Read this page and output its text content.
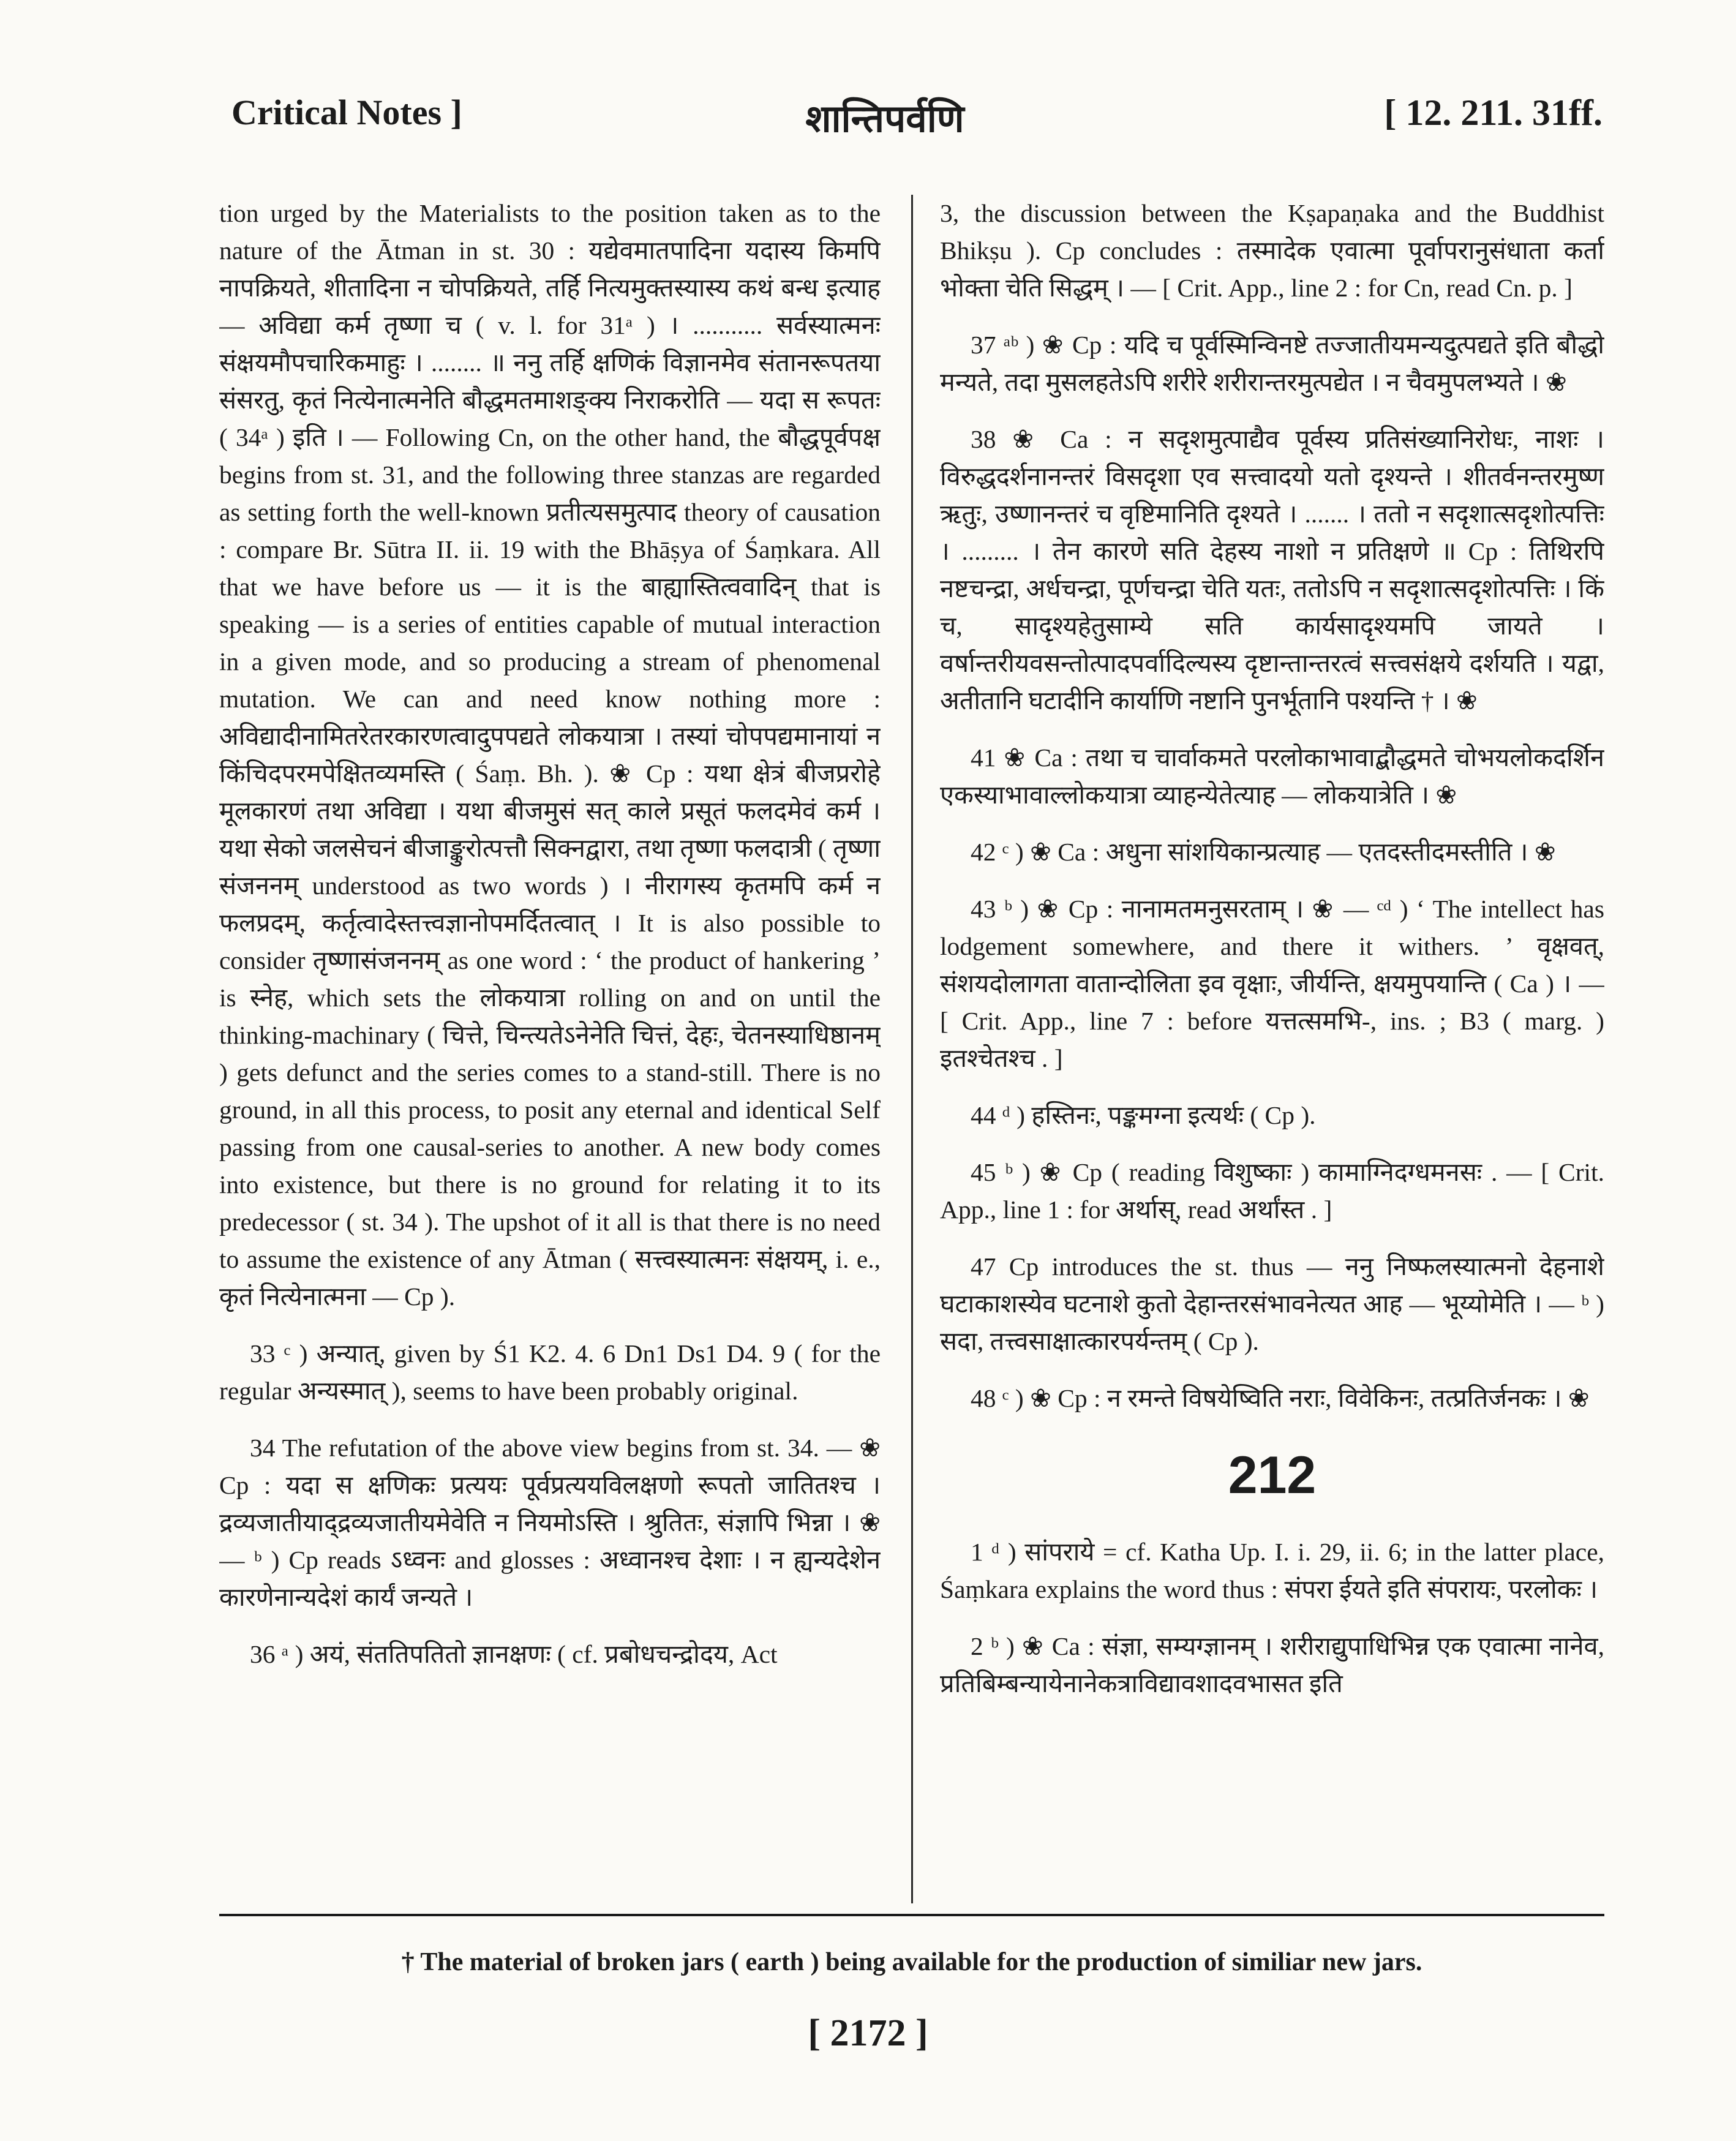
Critical Notes ]	शान्तिपर्वणि	[ 12. 211. 31ff.

tion urged by the Materialists to the position taken as to the nature of the Ātman in st. 30 : यद्येवमातपादिना यदास्य किमपि नापक्रियते, शीतादिना न चोपक्रियते, तर्हि नित्यमुक्तस्यास्य कथं बन्ध इत्याह — अविद्या कर्म तृष्णा च ( v. l. for 31ᵃ ) । ........... सर्वस्यात्मनः संक्षयमौपचारिकमाहुः । ........ ॥ ननु तर्हि क्षणिकं विज्ञानमेव संतानरूपतया संसरतु, कृतं नित्येनात्मनेति बौद्धमतमाशङ्क्य निराकरोति — यदा स रूपतः ( 34ᵃ ) इति । — Following Cn, on the other hand, the बौद्धपूर्वपक्ष begins from st. 31, and the following three stanzas are regarded as setting forth the well-known प्रतीत्यसमुत्पाद theory of causation : compare Br. Sūtra II. ii. 19 with the Bhāṣya of Śaṃkara. All that we have before us — it is the बाह्यास्तित्ववादिन् that is speaking — is a series of entities capable of mutual interaction in a given mode, and so producing a stream of phenomenal mutation. We can and need know nothing more : अविद्यादीनामितरेतरकारणत्वादुपपद्यते लोकयात्रा । तस्यां चोपपद्यमानायां न किंचिदपरमपेक्षितव्यमस्ति ( Śaṃ. Bh. ). ❀ Cp : यथा क्षेत्रं बीजप्ररोहे मूलकारणं तथा अविद्या । यथा बीजमुसं सत् काले प्रसूतं फलदमेवं कर्म । यथा सेको जलसेचनं बीजाङ्कुरोत्पत्तौ सिक्नद्वारा, तथा तृष्णा फलदात्री ( तृष्णा संजननम् understood as two words ) । नीरागस्य कृतमपि कर्म न फलप्रदम्, कर्तृत्वादेस्तत्त्वज्ञानोपमर्दितत्वात् । It is also possible to consider तृष्णासंजननम् as one word : ‘ the product of hankering ’ is स्नेह, which sets the लोकयात्रा rolling on and on until the thinking-machinary ( चित्ते, चिन्त्यतेऽनेनेति चित्तं, देहः, चेतनस्याधिष्ठानम् ) gets defunct and the series comes to a stand-still. There is no ground, in all this process, to posit any eternal and identical Self passing from one causal-series to another. A new body comes into existence, but there is no ground for relating it to its predecessor ( st. 34 ). The upshot of it all is that there is no need to assume the existence of any Ātman ( सत्त्वस्यात्मनः संक्षयम्, i. e., कृतं नित्येनात्मना — Cp ).

33 ᶜ ) अन्यात्, given by Ś1 K2. 4. 6 Dn1 Ds1 D4. 9 ( for the regular अन्यस्मात् ), seems to have been probably original.

34 The refutation of the above view begins from st. 34. — ❀ Cp : यदा स क्षणिकः प्रत्ययः पूर्वप्रत्ययविलक्षणो रूपतो जातितश्च । द्रव्यजातीयाद्द्रव्यजातीयमेवेति न नियमोऽस्ति । श्रुतितः, संज्ञापि भिन्ना । ❀ — ᵇ ) Cp reads ऽध्वनः and glosses : अध्वानश्च देशाः । न ह्यन्यदेशेन कारणेनान्यदेशं कार्यं जन्यते ।

36 ᵃ ) अयं, संततिपतितो ज्ञानक्षणः ( cf. प्रबोधचन्द्रोदय, Act

3, the discussion between the Kṣapaṇaka and the Buddhist Bhikṣu ). Cp concludes : तस्मादेक एवात्मा पूर्वापरानुसंधाता कर्ता भोक्ता चेति सिद्धम् । — [ Crit. App., line 2 : for Cn, read Cn. p. ]

37 ᵃᵇ ) ❀ Cp : यदि च पूर्वस्मिन्विनष्टे तज्जातीयमन्यदुत्पद्यते इति बौद्धो मन्यते, तदा मुसलहतेऽपि शरीरे शरीरान्तरमुत्पद्येत । न चैवमुपलभ्यते । ❀

38 ❀ Ca : न सदृशमुत्पाद्यैव पूर्वस्य प्रतिसंख्यानिरोधः, नाशः । विरुद्धदर्शनानन्तरं विसदृशा एव सत्त्वादयो यतो दृश्यन्ते । शीतर्वनन्तरमुष्ण ऋतुः, उष्णानन्तरं च वृष्टिमानिति दृश्यते । ....... । ततो न सदृशात्सदृशोत्पत्तिः । ......... । तेन कारणे सति देहस्य नाशो न प्रतिक्षणे ॥ Cp : तिथिरपि नष्टचन्द्रा, अर्धचन्द्रा, पूर्णचन्द्रा चेति यतः, ततोऽपि न सदृशात्सदृशोत्पत्तिः । किं च, सादृश्यहेतुसाम्ये सति कार्यसादृश्यमपि जायते । वर्षान्तरीयवसन्तोत्पादपर्वादिल्यस्य दृष्टान्तान्तरत्वं सत्त्वसंक्षये दर्शयति । यद्वा, अतीतानि घटादीनि कार्याणि नष्टानि पुनर्भूतानि पश्यन्ति † । ❀

41 ❀ Ca : तथा च चार्वाकमते परलोकाभावाद्बौद्धमते चोभयलोकदर्शिन एकस्याभावाल्लोकयात्रा व्याहन्येतेत्याह — लोकयात्रेति । ❀

42 ᶜ ) ❀ Ca : अधुना सांशयिकान्प्रत्याह — एतदस्तीदमस्तीति । ❀

43 ᵇ ) ❀ Cp : नानामतमनुसरताम् । ❀ — ᶜᵈ ) ‘ The intellect has lodgement somewhere, and there it withers. ’ वृक्षवत्, संशयदोलागता वातान्दोलिता इव वृक्षाः, जीर्यन्ति, क्षयमुपयान्ति ( Ca ) । — [ Crit. App., line 7 : before यत्तत्समभि-, ins. ; B3 ( marg. ) इतश्चेतश्च . ]

44 ᵈ ) हस्तिनः, पङ्कमग्ना इत्यर्थः ( Cp ).

45 ᵇ ) ❀ Cp ( reading विशुष्काः ) कामाग्निदग्धमनसः . — [ Crit. App., line 1 : for अर्थास्, read अर्थांस्त . ]

47 Cp introduces the st. thus — ननु निष्फलस्यात्मनो देहनाशे घटाकाशस्येव घटनाशे कुतो देहान्तरसंभावनेत्यत आह — भूय्योमेति । — ᵇ ) सदा, तत्त्वसाक्षात्कारपर्यन्तम् ( Cp ).

48 ᶜ ) ❀ Cp : न रमन्ते विषयेष्विति नराः, विवेकिनः, तत्प्रतिर्जनकः । ❀

212

1 ᵈ ) सांपराये = cf. Katha Up. I. i. 29, ii. 6; in the latter place, Śaṃkara explains the word thus : संपरा ईयते इति संपरायः, परलोकः ।

2 ᵇ ) ❀ Ca : संज्ञा, सम्यग्ज्ञानम् । शरीराद्युपाधिभिन्न एक एवात्मा नानेव, प्रतिबिम्बन्यायेनानेकत्राविद्यावशादवभासत इति

† The material of broken jars ( earth ) being available for the production of similiar new jars.
[ 2172 ]
